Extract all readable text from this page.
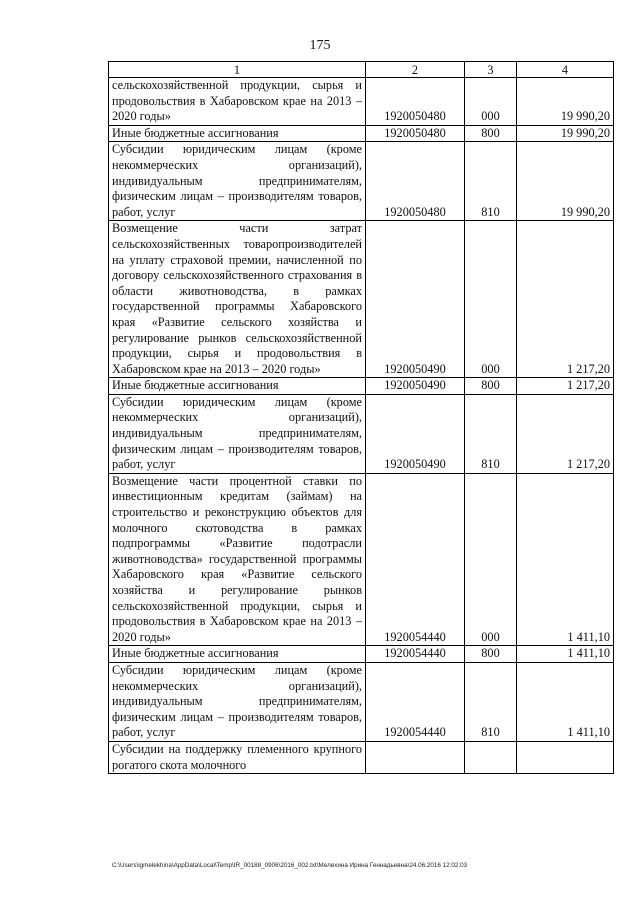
175
1	2	3	4
сельскохозяйственной продукции, сырья и продовольствия в Хабаровском крае на 2013 – 2020 годы»	1920050480	000	19 990,20
Иные бюджетные ассигнования	1920050480	800	19 990,20
Субсидии юридическим лицам (кроме некоммерческих организаций), индивидуальным предпринимателям, физическим лицам – производителям товаров, работ, услуг	1920050480	810	19 990,20
Возмещение части затрат сельскохозяйственных товаропроизводителей на уплату страховой премии, начисленной по договору сельскохозяйственного страхования в области животноводства, в рамках государственной программы Хабаровского края «Развитие сельского хозяйства и регулирование рынков сельскохозяйственной продукции, сырья и продовольствия в Хабаровском крае на 2013 – 2020 годы»	1920050490	000	1 217,20
Иные бюджетные ассигнования	1920050490	800	1 217,20
Субсидии юридическим лицам (кроме некоммерческих организаций), индивидуальным предпринимателям, физическим лицам – производителям товаров, работ, услуг	1920050490	810	1 217,20
Возмещение части процентной ставки по инвестиционным кредитам (займам) на строительство и реконструкцию объектов для молочного скотоводства в рамках подпрограммы «Развитие подотрасли животноводства» государственной программы Хабаровского края «Развитие сельского хозяйства и регулирование рынков сельскохозяйственной продукции, сырья и продовольствия в Хабаровском крае на 2013 – 2020 годы»	1920054440	000	1 411,10
Иные бюджетные ассигнования	1920054440	800	1 411,10
Субсидии юридическим лицам (кроме некоммерческих организаций), индивидуальным предпринимателям, физическим лицам – производителям товаров, работ, услуг	1920054440	810	1 411,10
Субсидии на поддержку племенного крупного рогатого скота молочного			
C:\Users\igmelekhina\AppData\Local\Temp\IR_00188_0906\2016_002.txt\Мелехина Ирина Геннадьевна\24.06.2016 12:02:03
